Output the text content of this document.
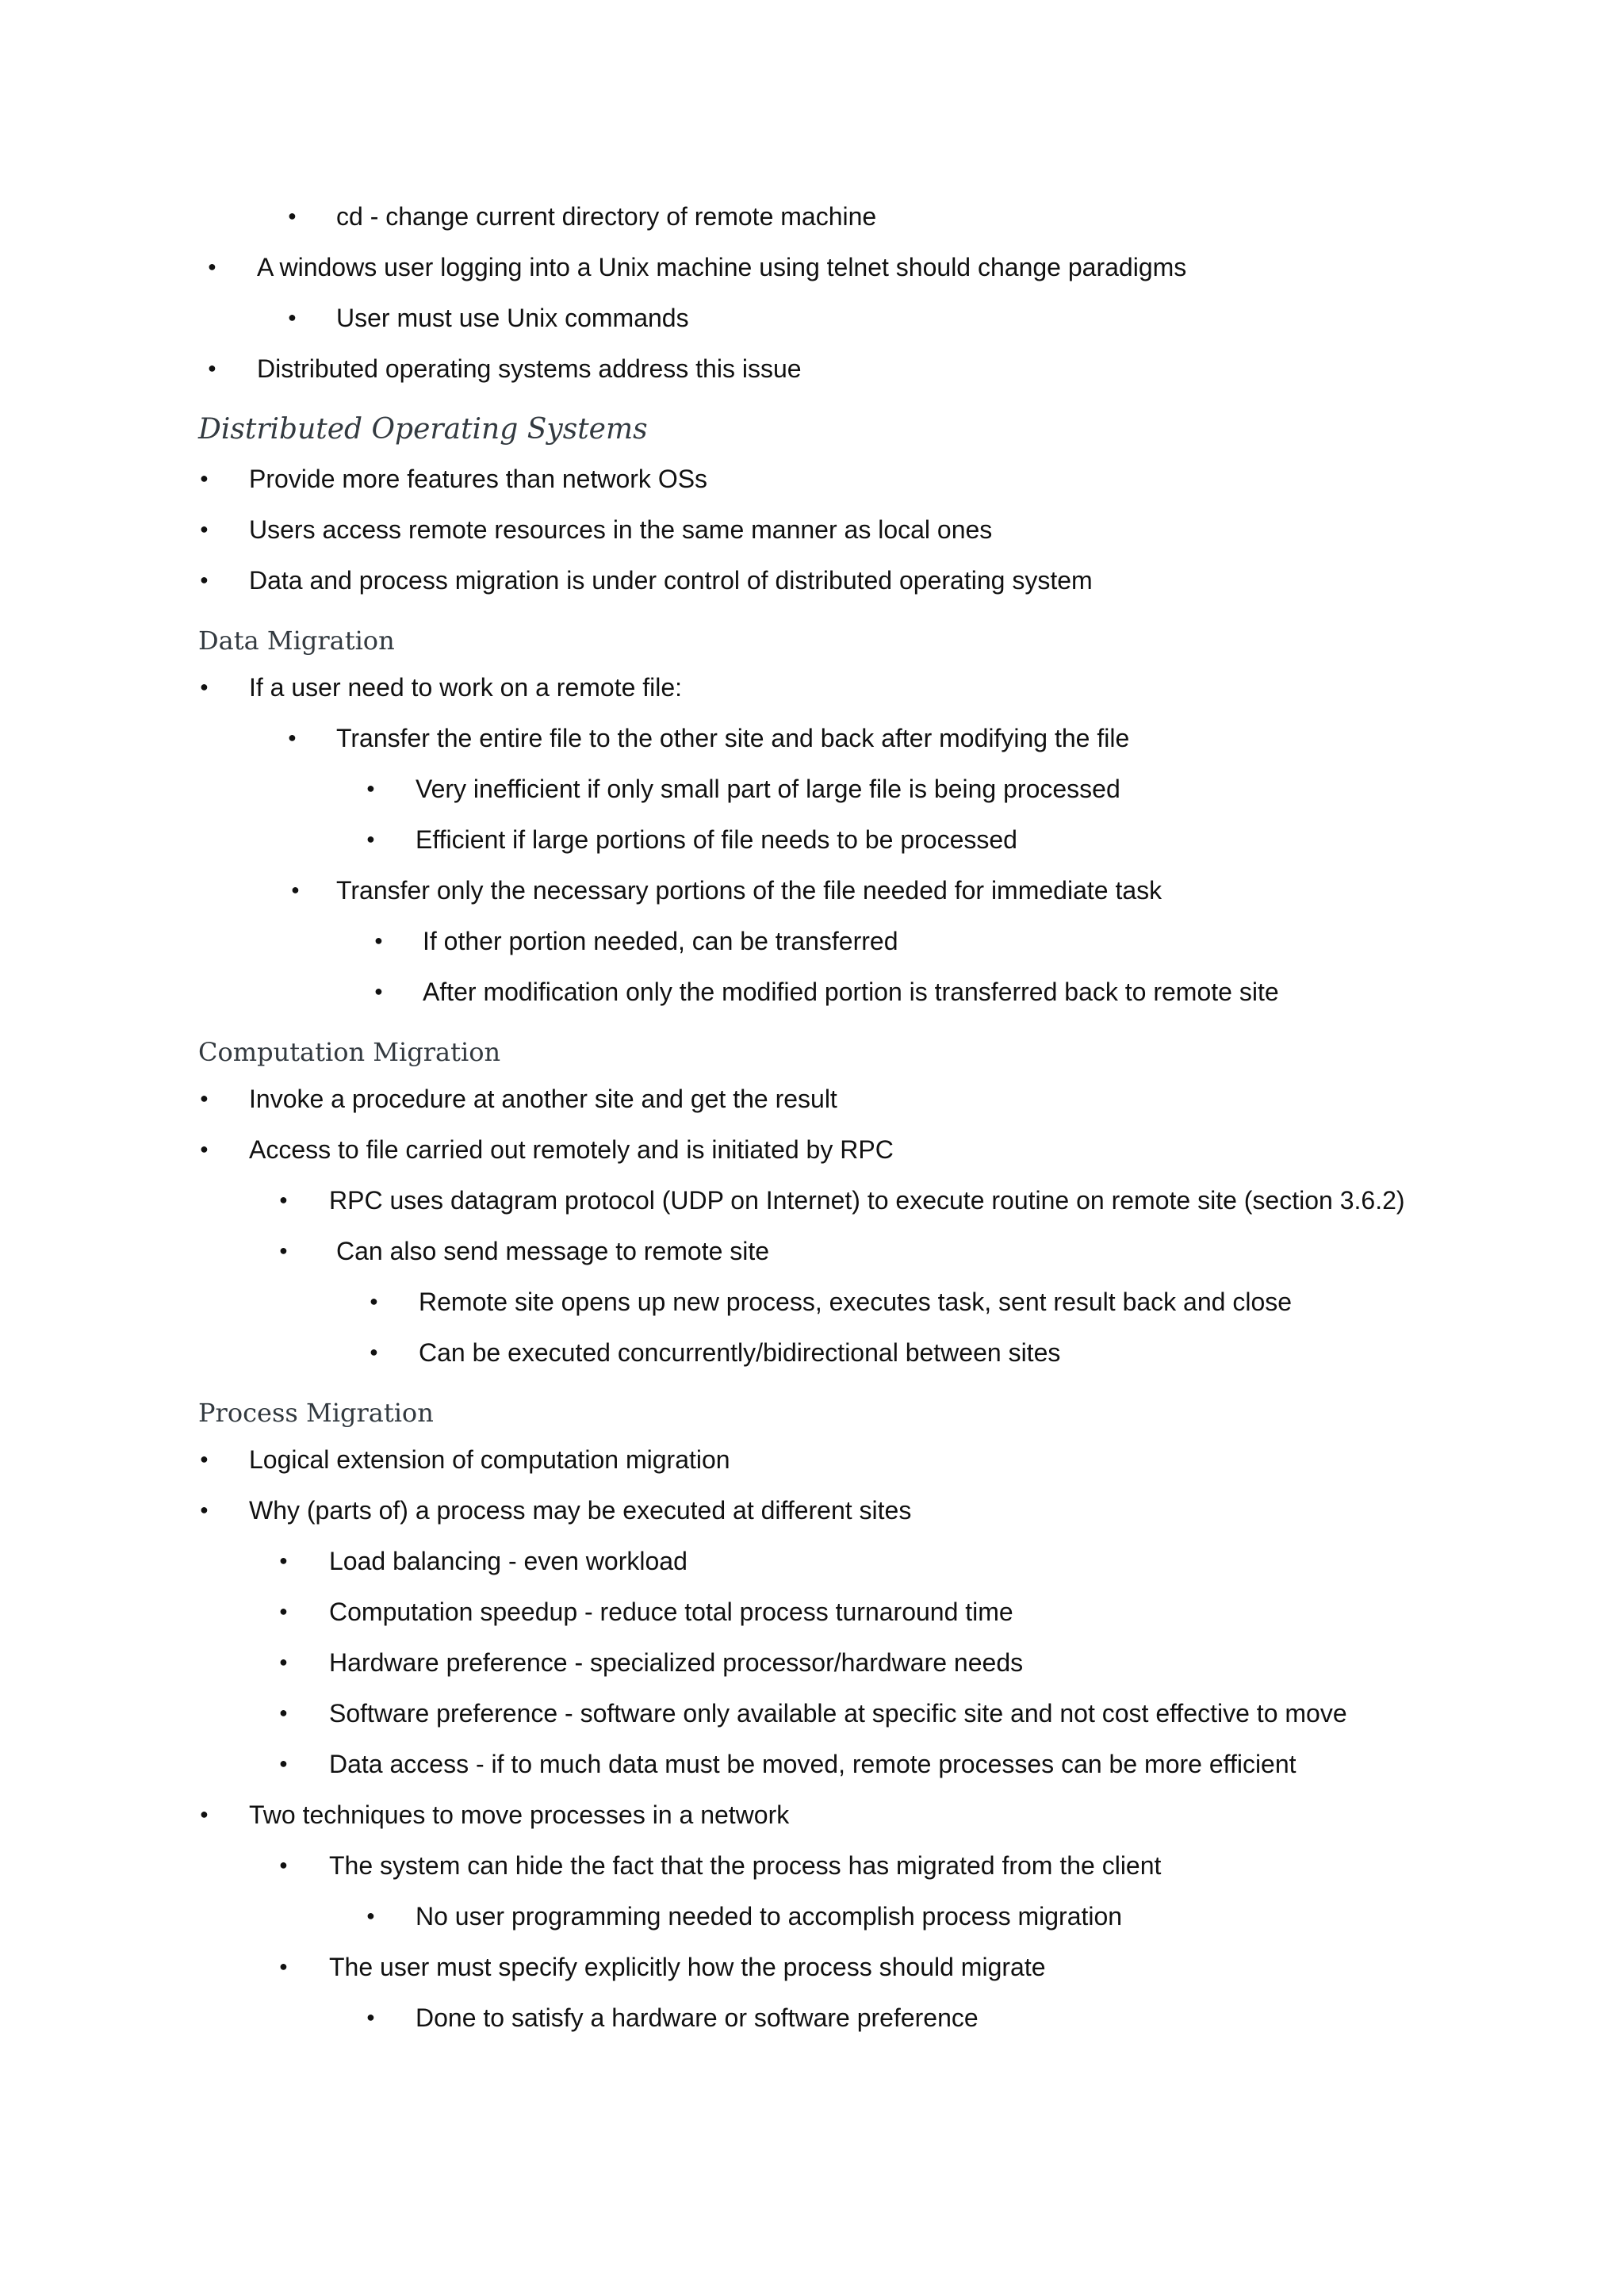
●
cd - change current directory of remote machine
●
A windows user logging into a Unix machine using telnet should change paradigms
●
User must use Unix commands
●
Distributed operating systems address this issue
Distributed Operating Systems
●
Provide more features than network OSs
●
Users access remote resources in the same manner as local ones
●
Data and process migration is under control of distributed operating system
Data Migration
●
If a user need to work on a remote file:
●
Transfer the entire file to the other site and back after modifying the file
●
Very inefficient if only small part of large file is being processed
●
Efficient if large portions of file needs to be processed
●
Transfer only the necessary portions of the file needed for immediate task
●
If other portion needed, can be transferred
●
After modification only the modified portion is transferred back to remote site
Computation Migration
●
Invoke a procedure at another site and get the result
●
Access to file carried out remotely and is initiated by RPC
●
RPC uses datagram protocol (UDP on Internet) to execute routine on remote site (section 3.6.2)
●
Can also send message to remote site
●
Remote site opens up new process, executes task, sent result back and close
●
Can be executed concurrently/bidirectional between sites
Process Migration
●
Logical extension of computation migration
●
Why (parts of) a process may be executed at different sites
●
Load balancing - even workload
●
Computation speedup - reduce total process turnaround time
●
Hardware preference - specialized processor/hardware needs
●
Software preference - software only available at specific site and not cost effective to move
●
Data access - if to much data must be moved, remote processes can be more efficient
●
Two techniques to move processes in a network
●
The system can hide the fact that the process has migrated from the client
●
No user programming needed to accomplish process migration
●
The user must specify explicitly how the process should migrate
●
Done to satisfy a hardware or software preference
